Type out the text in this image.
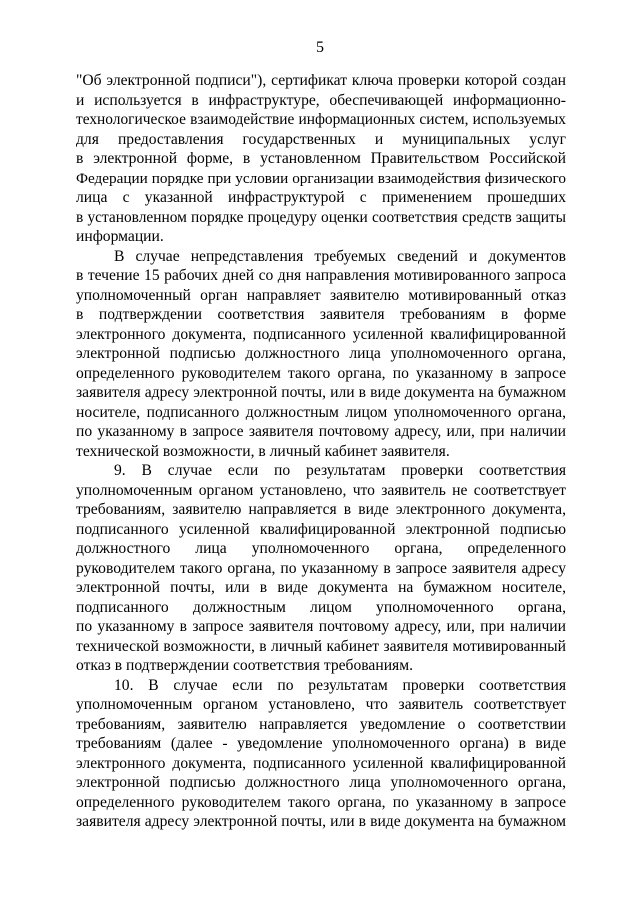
5
"Об электронной подписи"), сертификат ключа проверки которой создан
и используется в инфраструктуре, обеспечивающей информационно-
технологическое взаимодействие информационных систем, используемых
для предоставления государственных и муниципальных услуг
в электронной форме, в установленном Правительством Российской
Федерации порядке при условии организации взаимодействия физического
лица с указанной инфраструктурой с применением прошедших
в установленном порядке процедуру оценки соответствия средств защиты
информации.
В случае непредставления требуемых сведений и документов
в течение 15 рабочих дней со дня направления мотивированного запроса
уполномоченный орган направляет заявителю мотивированный отказ
в подтверждении соответствия заявителя требованиям в форме
электронного документа, подписанного усиленной квалифицированной
электронной подписью должностного лица уполномоченного органа,
определенного руководителем такого органа, по указанному в запросе
заявителя адресу электронной почты, или в виде документа на бумажном
носителе, подписанного должностным лицом уполномоченного органа,
по указанному в запросе заявителя почтовому адресу, или, при наличии
технической возможности, в личный кабинет заявителя.
9. В случае если по результатам проверки соответствия
уполномоченным органом установлено, что заявитель не соответствует
требованиям, заявителю направляется в виде электронного документа,
подписанного усиленной квалифицированной электронной подписью
должностного лица уполномоченного органа, определенного
руководителем такого органа, по указанному в запросе заявителя адресу
электронной почты, или в виде документа на бумажном носителе,
подписанного должностным лицом уполномоченного органа,
по указанному в запросе заявителя почтовому адресу, или, при наличии
технической возможности, в личный кабинет заявителя мотивированный
отказ в подтверждении соответствия требованиям.
10. В случае если по результатам проверки соответствия
уполномоченным органом установлено, что заявитель соответствует
требованиям, заявителю направляется уведомление о соответствии
требованиям (далее - уведомление уполномоченного органа) в виде
электронного документа, подписанного усиленной квалифицированной
электронной подписью должностного лица уполномоченного органа,
определенного руководителем такого органа, по указанному в запросе
заявителя адресу электронной почты, или в виде документа на бумажном
